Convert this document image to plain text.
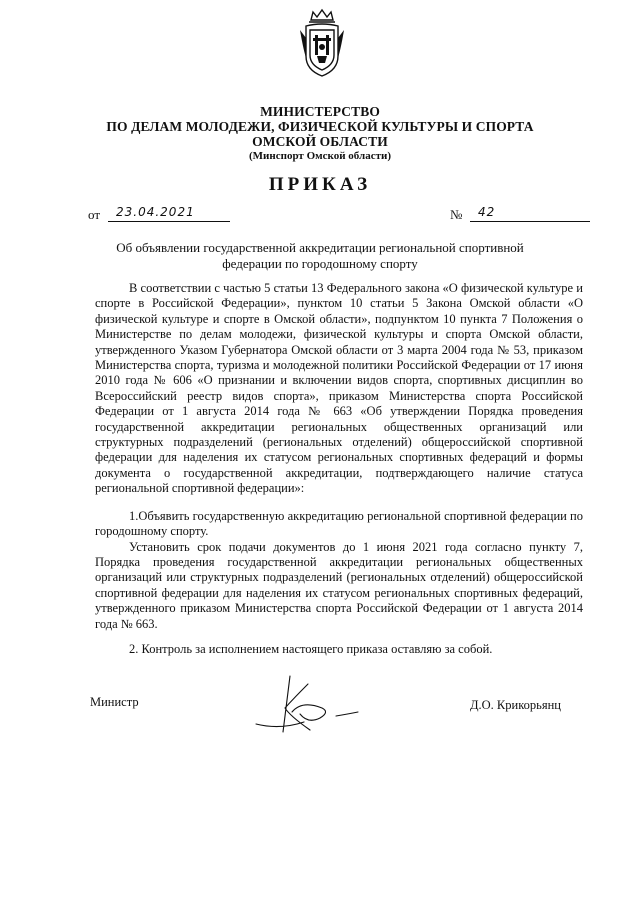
МИНИСТЕРСТВО
ПО ДЕЛАМ МОЛОДЕЖИ, ФИЗИЧЕСКОЙ КУЛЬТУРЫ И СПОРТА
ОМСКОЙ ОБЛАСТИ
(Минспорт Омской области)
ПРИКАЗ
от 23.04.2021	№ 42
Об объявлении государственной аккредитации региональной спортивной федерации по городошному спорту

В соответствии с частью 5 статьи 13 Федерального закона «О физической культуре и спорте в Российской Федерации», пунктом 10 статьи 5 Закона Омской области «О физической культуре и спорте в Омской области», подпунктом 10 пункта 7 Положения о Министерстве по делам молодежи, физической культуры и спорта Омской области, утвержденного Указом Губернатора Омской области от 3 марта 2004 года № 53, приказом Министерства спорта, туризма и молодежной политики Российской Федерации от 17 июня 2010 года № 606 «О признании и включении видов спорта, спортивных дисциплин во Всероссийский реестр видов спорта», приказом Министерства спорта Российской Федерации от 1 августа 2014 года № 663 «Об утверждении Порядка проведения государственной аккредитации региональных общественных организаций или структурных подразделений (региональных отделений) общероссийской спортивной федерации для наделения их статусом региональных спортивных федераций и формы документа о государственной аккредитации, подтверждающего наличие статуса региональной спортивной федерации»:

1.Объявить государственную аккредитацию региональной спортивной федерации по городошному спорту.

Установить срок подачи документов до 1 июня 2021 года согласно пункту 7, Порядка проведения государственной аккредитации региональных общественных организаций или структурных подразделений (региональных отделений) общероссийской спортивной федерации для наделения их статусом региональных спортивных федераций, утвержденного приказом Министерства спорта Российской Федерации от 1 августа 2014 года № 663.

2. Контроль за исполнением настоящего приказа оставляю за собой.

Министр	Д.О. Крикорьянц
